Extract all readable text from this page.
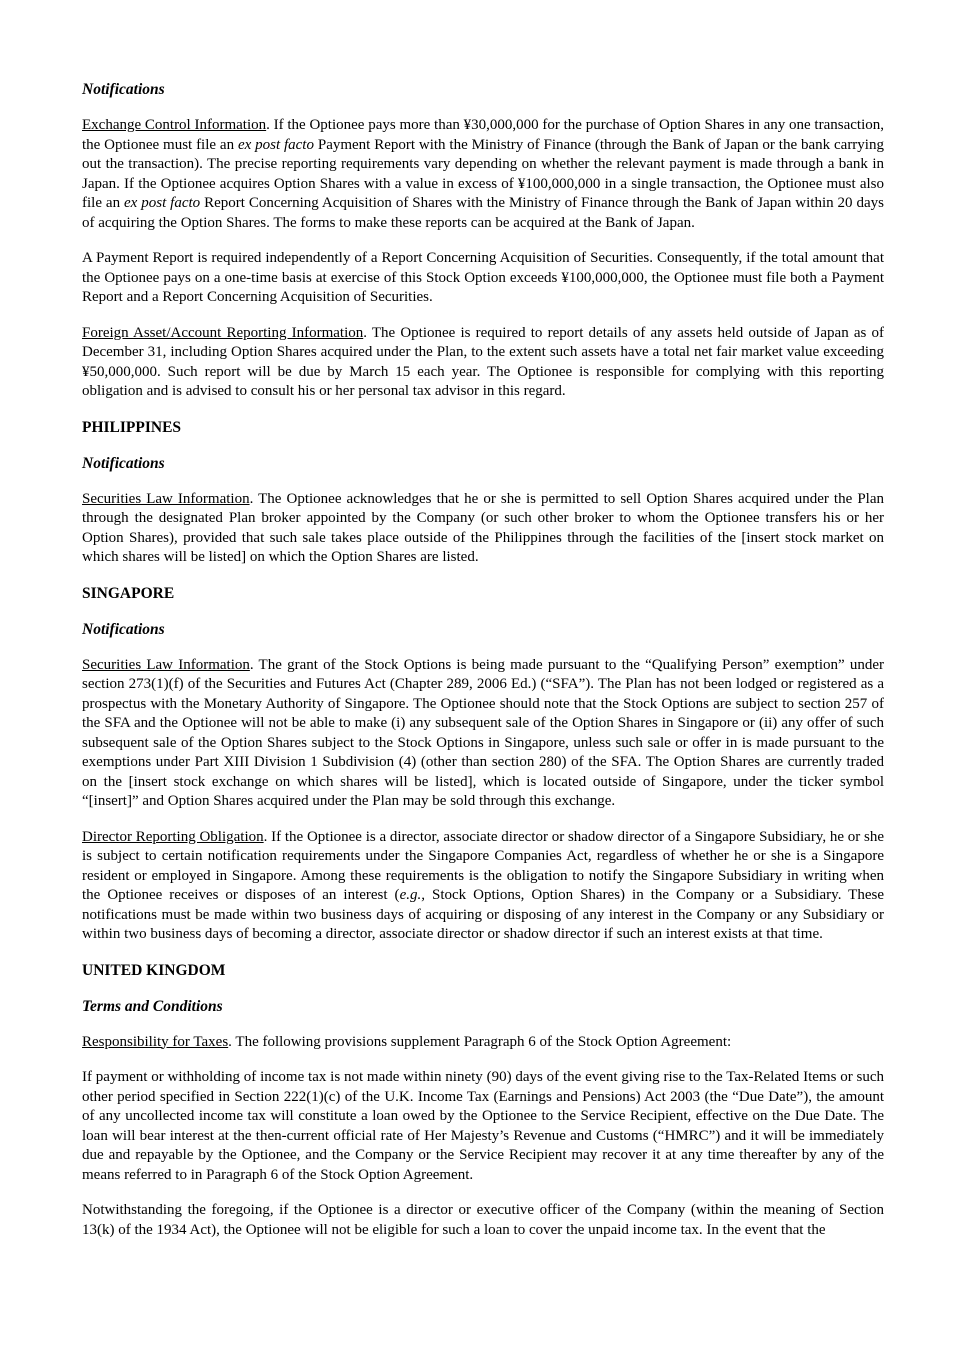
Notifications

Exchange Control Information. If the Optionee pays more than ¥30,000,000 for the purchase of Option Shares in any one transaction, the Optionee must file an ex post facto Payment Report with the Ministry of Finance (through the Bank of Japan or the bank carrying out the transaction). The precise reporting requirements vary depending on whether the relevant payment is made through a bank in Japan. If the Optionee acquires Option Shares with a value in excess of ¥100,000,000 in a single transaction, the Optionee must also file an ex post facto Report Concerning Acquisition of Shares with the Ministry of Finance through the Bank of Japan within 20 days of acquiring the Option Shares. The forms to make these reports can be acquired at the Bank of Japan.

A Payment Report is required independently of a Report Concerning Acquisition of Securities. Consequently, if the total amount that the Optionee pays on a one-time basis at exercise of this Stock Option exceeds ¥100,000,000, the Optionee must file both a Payment Report and a Report Concerning Acquisition of Securities.

Foreign Asset/Account Reporting Information. The Optionee is required to report details of any assets held outside of Japan as of December 31, including Option Shares acquired under the Plan, to the extent such assets have a total net fair market value exceeding ¥50,000,000. Such report will be due by March 15 each year. The Optionee is responsible for complying with this reporting obligation and is advised to consult his or her personal tax advisor in this regard.

PHILIPPINES
Notifications

Securities Law Information. The Optionee acknowledges that he or she is permitted to sell Option Shares acquired under the Plan through the designated Plan broker appointed by the Company (or such other broker to whom the Optionee transfers his or her Option Shares), provided that such sale takes place outside of the Philippines through the facilities of the [insert stock market on which shares will be listed] on which the Option Shares are listed.

SINGAPORE
Notifications

Securities Law Information. The grant of the Stock Options is being made pursuant to the “Qualifying Person” exemption” under section 273(1)(f) of the Securities and Futures Act (Chapter 289, 2006 Ed.) (“SFA”). The Plan has not been lodged or registered as a prospectus with the Monetary Authority of Singapore. The Optionee should note that the Stock Options are subject to section 257 of the SFA and the Optionee will not be able to make (i) any subsequent sale of the Option Shares in Singapore or (ii) any offer of such subsequent sale of the Option Shares subject to the Stock Options in Singapore, unless such sale or offer in is made pursuant to the exemptions under Part XIII Division 1 Subdivision (4) (other than section 280) of the SFA. The Option Shares are currently traded on the [insert stock exchange on which shares will be listed], which is located outside of Singapore, under the ticker symbol “[insert]” and Option Shares acquired under the Plan may be sold through this exchange.

Director Reporting Obligation. If the Optionee is a director, associate director or shadow director of a Singapore Subsidiary, he or she is subject to certain notification requirements under the Singapore Companies Act, regardless of whether he or she is a Singapore resident or employed in Singapore. Among these requirements is the obligation to notify the Singapore Subsidiary in writing when the Optionee receives or disposes of an interest (e.g., Stock Options, Option Shares) in the Company or a Subsidiary. These notifications must be made within two business days of acquiring or disposing of any interest in the Company or any Subsidiary or within two business days of becoming a director, associate director or shadow director if such an interest exists at that time.

UNITED KINGDOM
Terms and Conditions

Responsibility for Taxes. The following provisions supplement Paragraph 6 of the Stock Option Agreement:

If payment or withholding of income tax is not made within ninety (90) days of the event giving rise to the Tax-Related Items or such other period specified in Section 222(1)(c) of the U.K. Income Tax (Earnings and Pensions) Act 2003 (the “Due Date”), the amount of any uncollected income tax will constitute a loan owed by the Optionee to the Service Recipient, effective on the Due Date. The loan will bear interest at the then-current official rate of Her Majesty’s Revenue and Customs (“HMRC”) and it will be immediately due and repayable by the Optionee, and the Company or the Service Recipient may recover it at any time thereafter by any of the means referred to in Paragraph 6 of the Stock Option Agreement.

Notwithstanding the foregoing, if the Optionee is a director or executive officer of the Company (within the meaning of Section 13(k) of the 1934 Act), the Optionee will not be eligible for such a loan to cover the unpaid income tax. In the event that the
